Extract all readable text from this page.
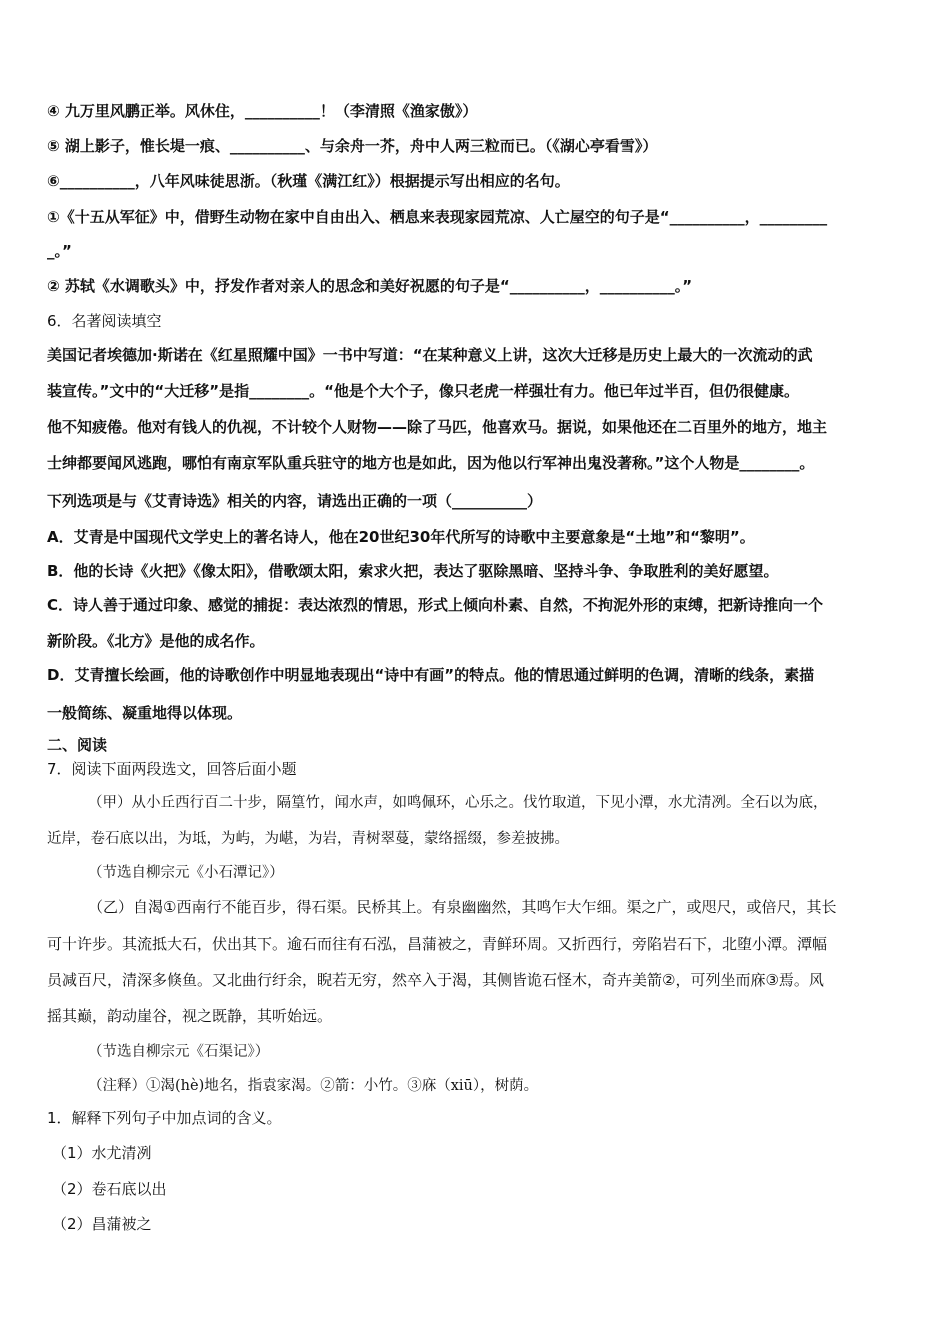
④ 九万里风鹏正举。风休住，__________！（李清照《渔家傲》）
⑤ 湖上影子，惟长堤一痕、__________、与余舟一芥，舟中人两三粒而已。（《湖心亭看雪》）
⑥__________，八年风味徒思浙。（秋瑾《满江红》）根据提示写出相应的名句。
①《十五从军征》中，借野生动物在家中自由出入、栖息来表现家园荒凉、人亡屋空的句子是“__________，_________
_。”
② 苏轼《水调歌头》中，抒发作者对亲人的思念和美好祝愿的句子是“__________，__________。”
6．名著阅读填空
美国记者埃德加·斯诺在《红星照耀中国》一书中写道：“在某种意义上讲，这次大迁移是历史上最大的一次流动的武
装宣传。”文中的“大迁移”是指________。“他是个大个子，像只老虎一样强壮有力。他已年过半百，但仍很健康。
他不知疲倦。他对有钱人的仇视，不计较个人财物——除了马匹，他喜欢马。据说，如果他还在二百里外的地方，地主
士绅都要闻风逃跑，哪怕有南京军队重兵驻守的地方也是如此，因为他以行军神出鬼没著称。”这个人物是________。
下列选项是与《艾青诗选》相关的内容，请选出正确的一项（__________）
A．艾青是中国现代文学史上的著名诗人，他在20世纪30年代所写的诗歌中主要意象是“土地”和“黎明”。
B．他的长诗《火把》《像太阳》，借歌颂太阳，索求火把，表达了驱除黑暗、坚持斗争、争取胜利的美好愿望。
C．诗人善于通过印象、感觉的捕捉：表达浓烈的情思，形式上倾向朴素、自然，不拘泥外形的束缚，把新诗推向一个
新阶段。《北方》是他的成名作。
D．艾青擅长绘画，他的诗歌创作中明显地表现出“诗中有画”的特点。他的情思通过鲜明的色调，清晰的线条，素描
一般简练、凝重地得以体现。
二、阅读
7．阅读下面两段选文，回答后面小题
（甲）从小丘西行百二十步，隔篁竹，闻水声，如鸣佩环，心乐之。伐竹取道，下见小潭，水尤清冽。全石以为底，
近岸，卷石底以出，为坻，为屿，为嵁，为岩，青树翠蔓，蒙络摇缀，参差披拂。
（节选自柳宗元《小石潭记》）
（乙）自渴①西南行不能百步，得石渠。民桥其上。有泉幽幽然，其鸣乍大乍细。渠之广，或咫尺，或倍尺，其长
可十许步。其流抵大石，伏出其下。逾石而往有石泓，昌蒲被之，青鲜环周。又折西行，旁陷岩石下，北堕小潭。潭幅
员减百尺，清深多倏鱼。又北曲行纡余，睨若无穷，然卒入于渴，其侧皆诡石怪木，奇卉美箭②，可列坐而庥③焉。风
摇其巅，韵动崖谷，视之既静，其听始远。
（节选自柳宗元《石渠记》）
（注释）①渴(hè)地名，指袁家渴。②箭：小竹。③庥（xiū），树荫。
1．解释下列句子中加点词的含义。
（1）水尤清冽
（2）卷石底以出
（2）昌蒲被之
